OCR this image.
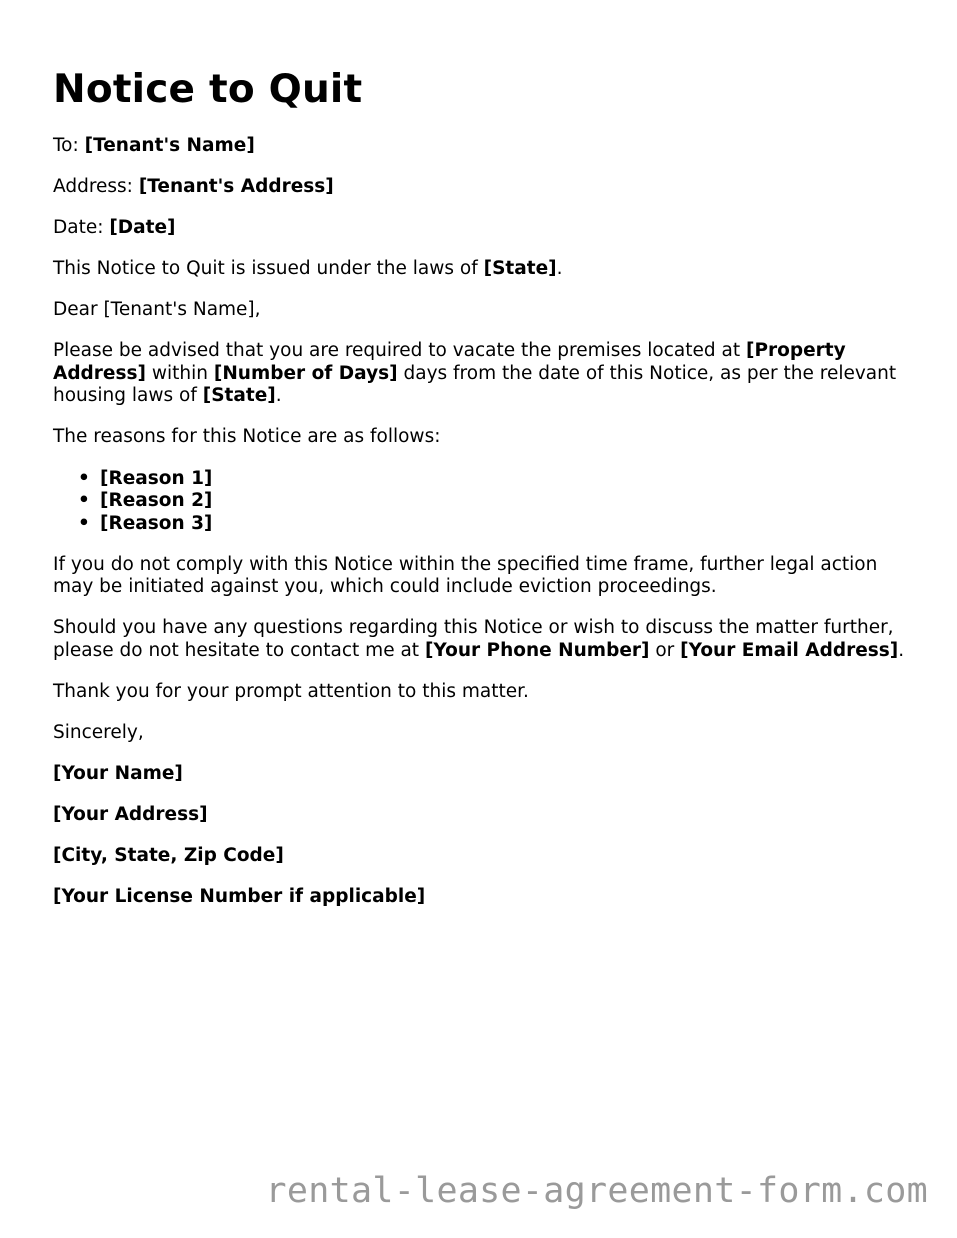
Notice to Quit

To: [Tenant's Name]

Address: [Tenant's Address]

Date: [Date]

This Notice to Quit is issued under the laws of [State].

Dear [Tenant's Name],

Please be advised that you are required to vacate the premises located at [Property Address] within [Number of Days] days from the date of this Notice, as per the relevant housing laws of [State].

The reasons for this Notice are as follows:

• [Reason 1]
• [Reason 2]
• [Reason 3]

If you do not comply with this Notice within the specified time frame, further legal action may be initiated against you, which could include eviction proceedings.

Should you have any questions regarding this Notice or wish to discuss the matter further, please do not hesitate to contact me at [Your Phone Number] or [Your Email Address].

Thank you for your prompt attention to this matter.

Sincerely,

[Your Name]

[Your Address]

[City, State, Zip Code]

[Your License Number if applicable]

rental-lease-agreement-form.com
